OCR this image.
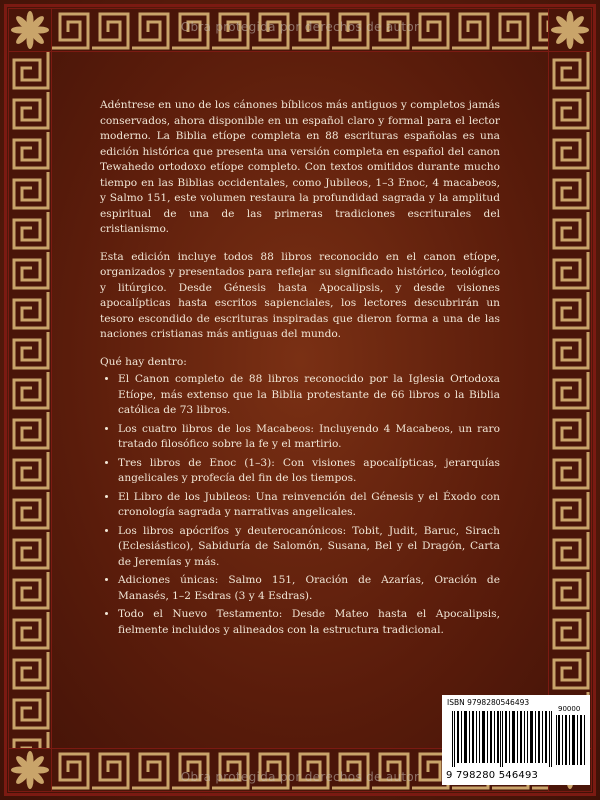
Obra protegida por derechos de autor

Adéntrese en uno de los cánones bíblicos más antiguos y completos jamás conservados, ahora disponible en un español claro y formal para el lector moderno. La Biblia etíope completa en 88 escrituras españolas es una edición histórica que presenta una versión completa en español del canon Tewahedo ortodoxo etíope completo. Con textos omitidos durante mucho tiempo en las Biblias occidentales, como Jubileos, 1–3 Enoc, 4 macabeos, y Salmo 151, este volumen restaura la profundidad sagrada y la amplitud espiritual de una de las primeras tradiciones escriturales del cristianismo.

Esta edición incluye todos 88 libros reconocido en el canon etíope, organizados y presentados para reflejar su significado histórico, teológico y litúrgico. Desde Génesis hasta Apocalipsis, y desde visiones apocalípticas hasta escritos sapienciales, los lectores descubrirán un tesoro escondido de escrituras inspiradas que dieron forma a una de las naciones cristianas más antiguas del mundo.

Qué hay dentro:

• El Canon completo de 88 libros reconocido por la Iglesia Ortodoxa Etíope, más extenso que la Biblia protestante de 66 libros o la Biblia católica de 73 libros.
• Los cuatro libros de los Macabeos: Incluyendo 4 Macabeos, un raro tratado filosófico sobre la fe y el martirio.
• Tres libros de Enoc (1–3): Con visiones apocalípticas, jerarquías angelicales y profecía del fin de los tiempos.
• El Libro de los Jubileos: Una reinvención del Génesis y el Éxodo con cronología sagrada y narrativas angelicales.
• Los libros apócrifos y deuterocanónicos: Tobit, Judit, Baruc, Sirach (Eclesiástico), Sabiduría de Salomón, Susana, Bel y el Dragón, Carta de Jeremías y más.
• Adiciones únicas: Salmo 151, Oración de Azarías, Oración de Manasés, 1–2 Esdras (3 y 4 Esdras).
• Todo el Nuevo Testamento: Desde Mateo hasta el Apocalipsis, fielmente incluidos y alineados con la estructura tradicional.
ISBN 9798280546493
90000
9 798280 546493
Obra protegida por derechos de autor
